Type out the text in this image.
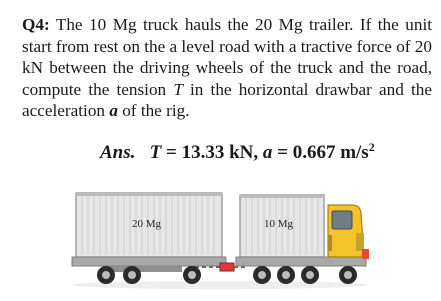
Q4: The 10 Mg truck hauls the 20 Mg trailer. If the unit start from rest on the a level road with a tractive force of 20 kN between the driving wheels of the truck and the road, compute the tension T in the horizontal drawbar and the acceleration a of the rig.

Ans. T = 13.33 kN, a = 0.667 $m/s^2$

20 Mg	10 Mg
